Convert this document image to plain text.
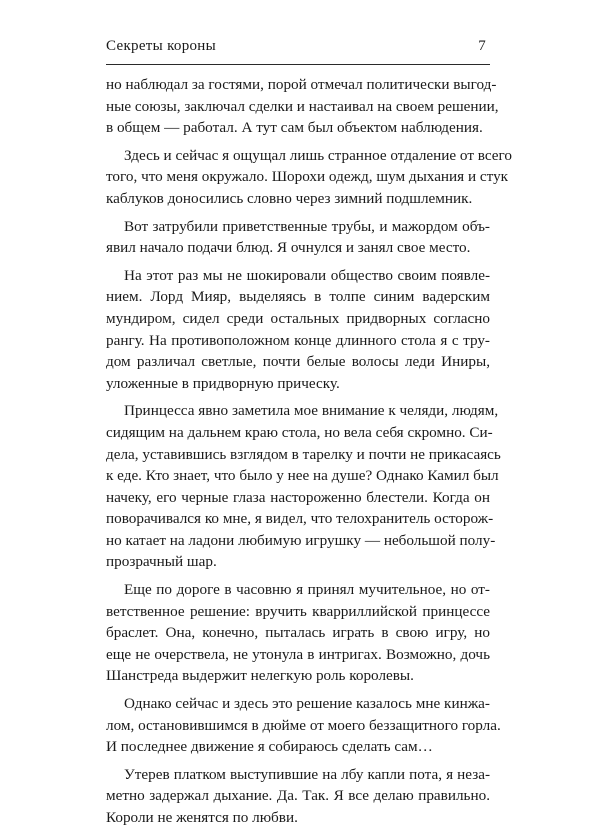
Секреты короны	7

но наблюдал за гостями, порой отмечал политически выгод-
ные союзы, заключал сделки и настаивал на своем решении,
в общем — работал. А тут сам был объектом наблюдения.

Здесь и сейчас я ощущал лишь странное отдаление от всего
того, что меня окружало. Шорохи одежд, шум дыхания и стук
каблуков доносились словно через зимний подшлемник.

Вот затрубили приветственные трубы, и мажордом объ-
явил начало подачи блюд. Я очнулся и занял свое место.

На этот раз мы не шокировали общество своим появле-
нием. Лорд Мияр, выделяясь в толпе синим вадерским
мундиром, сидел среди остальных придворных согласно
рангу. На противоположном конце длинного стола я с тру-
дом различал светлые, почти белые волосы леди Иниры,
уложенные в придворную прическу.

Принцесса явно заметила мое внимание к челяди, людям,
сидящим на дальнем краю стола, но вела себя скромно. Си-
дела, уставившись взглядом в тарелку и почти не прикасаясь
к еде. Кто знает, что было у нее на душе? Однако Камил был
начеку, его черные глаза настороженно блестели. Когда он
поворачивался ко мне, я видел, что телохранитель осторож-
но катает на ладони любимую игрушку — небольшой полу-
прозрачный шар.

Еще по дороге в часовню я принял мучительное, но от-
ветственное решение: вручить кварриллийской принцессе
браслет. Она, конечно, пыталась играть в свою игру, но
еще не очерствела, не утонула в интригах. Возможно, дочь
Шанстреда выдержит нелегкую роль королевы.

Однако сейчас и здесь это решение казалось мне кинжа-
лом, остановившимся в дюйме от моего беззащитного горла.
И последнее движение я собираюсь сделать сам…

Утерев платком выступившие на лбу капли пота, я неза-
метно задержал дыхание. Да. Так. Я все делаю правильно.
Короли не женятся по любви.
